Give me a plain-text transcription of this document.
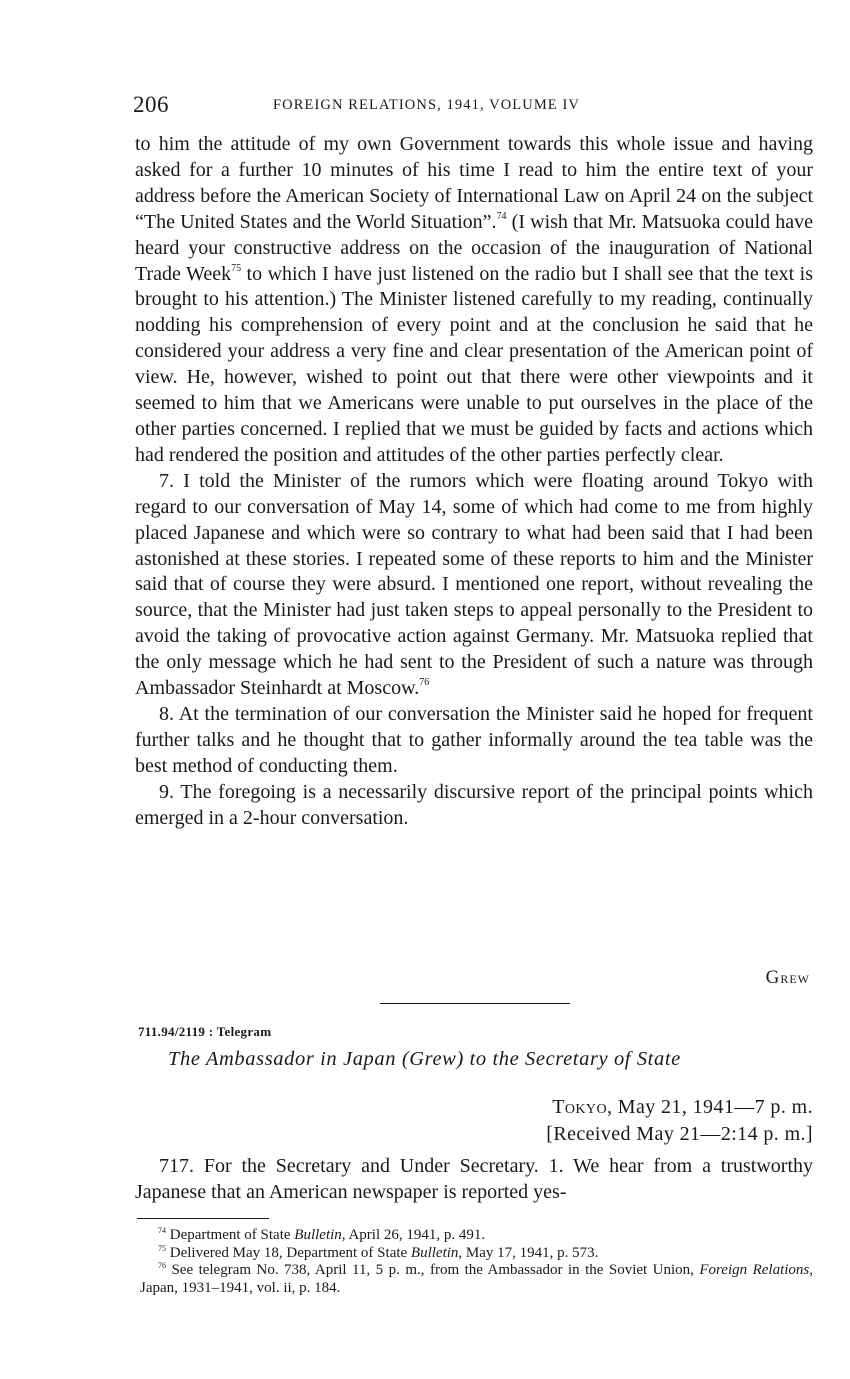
206	FOREIGN RELATIONS, 1941, VOLUME IV

to him the attitude of my own Government towards this whole issue and having asked for a further 10 minutes of his time I read to him the entire text of your address before the American Society of International Law on April 24 on the subject “The United States and the World Situation”.$^{74}$ (I wish that Mr. Matsuoka could have heard your constructive address on the occasion of the inauguration of National Trade Week$^{75}$ to which I have just listened on the radio but I shall see that the text is brought to his attention.) The Minister listened carefully to my reading, continually nodding his comprehension of every point and at the conclusion he said that he considered your address a very fine and clear presentation of the American point of view. He, however, wished to point out that there were other viewpoints and it seemed to him that we Americans were unable to put ourselves in the place of the other parties concerned. I replied that we must be guided by facts and actions which had rendered the position and attitudes of the other parties perfectly clear.

7. I told the Minister of the rumors which were floating around Tokyo with regard to our conversation of May 14, some of which had come to me from highly placed Japanese and which were so contrary to what had been said that I had been astonished at these stories. I repeated some of these reports to him and the Minister said that of course they were absurd. I mentioned one report, without revealing the source, that the Minister had just taken steps to appeal personally to the President to avoid the taking of provocative action against Germany. Mr. Matsuoka replied that the only message which he had sent to the President of such a nature was through Ambassador Steinhardt at Moscow.$^{76}$

8. At the termination of our conversation the Minister said he hoped for frequent further talks and he thought that to gather informally around the tea table was the best method of conducting them.

9. The foregoing is a necessarily discursive report of the principal points which emerged in a 2-hour conversation.

Grew
711.94/2119 : Telegram
The Ambassador in Japan (Grew) to the Secretary of State
Tokyo, May 21, 1941—7 p. m.
[Received May 21—2:14 p. m.]

717. For the Secretary and Under Secretary. 1. We hear from a trustworthy Japanese that an American newspaper is reported yes-

$^{74}$ Department of State Bulletin, April 26, 1941, p. 491.

$^{75}$ Delivered May 18, Department of State Bulletin, May 17, 1941, p. 573.

$^{76}$ See telegram No. 738, April 11, 5 p. m., from the Ambassador in the Soviet Union, Foreign Relations, Japan, 1931–1941, vol. ii, p. 184.
